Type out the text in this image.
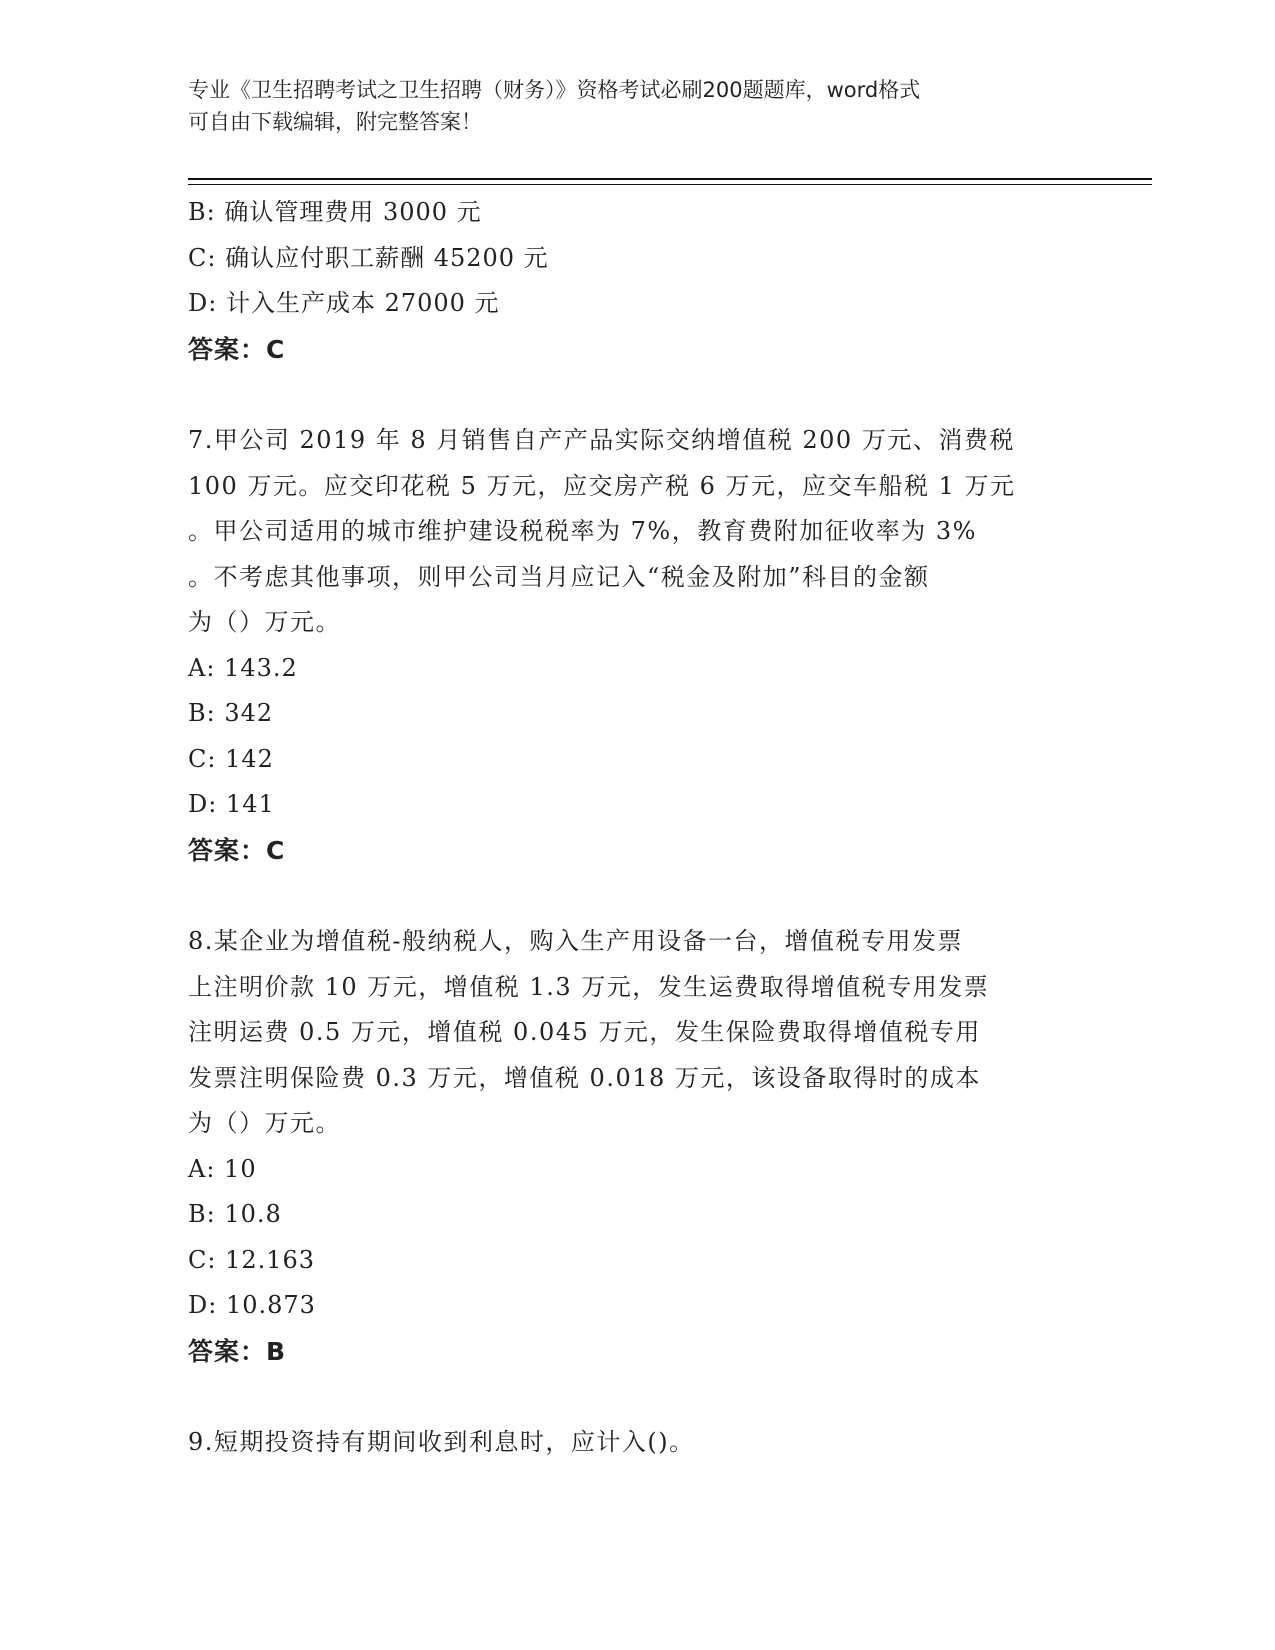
专业《卫生招聘考试之卫生招聘（财务）》资格考试必刷200题题库，word格式
可自由下载编辑，附完整答案！
B: 确认管理费用 3000 元
C: 确认应付职工薪酬 45200 元
D: 计入生产成本 27000 元
答案：C
7.甲公司 2019 年 8 月销售自产产品实际交纳增值税 200 万元、消费税
100 万元。应交印花税 5 万元，应交房产税 6 万元，应交车船税 1 万元
。甲公司适用的城市维护建设税税率为 7%，教育费附加征收率为 3%
。不考虑其他事项，则甲公司当月应记入“税金及附加”科目的金额
为（）万元。
A: 143.2
B: 342
C: 142
D: 141
答案：C
8.某企业为增值税-般纳税人，购入生产用设备一台，增值税专用发票
上注明价款 10 万元，增值税 1.3 万元，发生运费取得增值税专用发票
注明运费 0.5 万元，增值税 0.045 万元，发生保险费取得增值税专用
发票注明保险费 0.3 万元，增值税 0.018 万元，该设备取得时的成本
为（）万元。
A: 10
B: 10.8
C: 12.163
D: 10.873
答案：B
9.短期投资持有期间收到利息时，应计入()。
